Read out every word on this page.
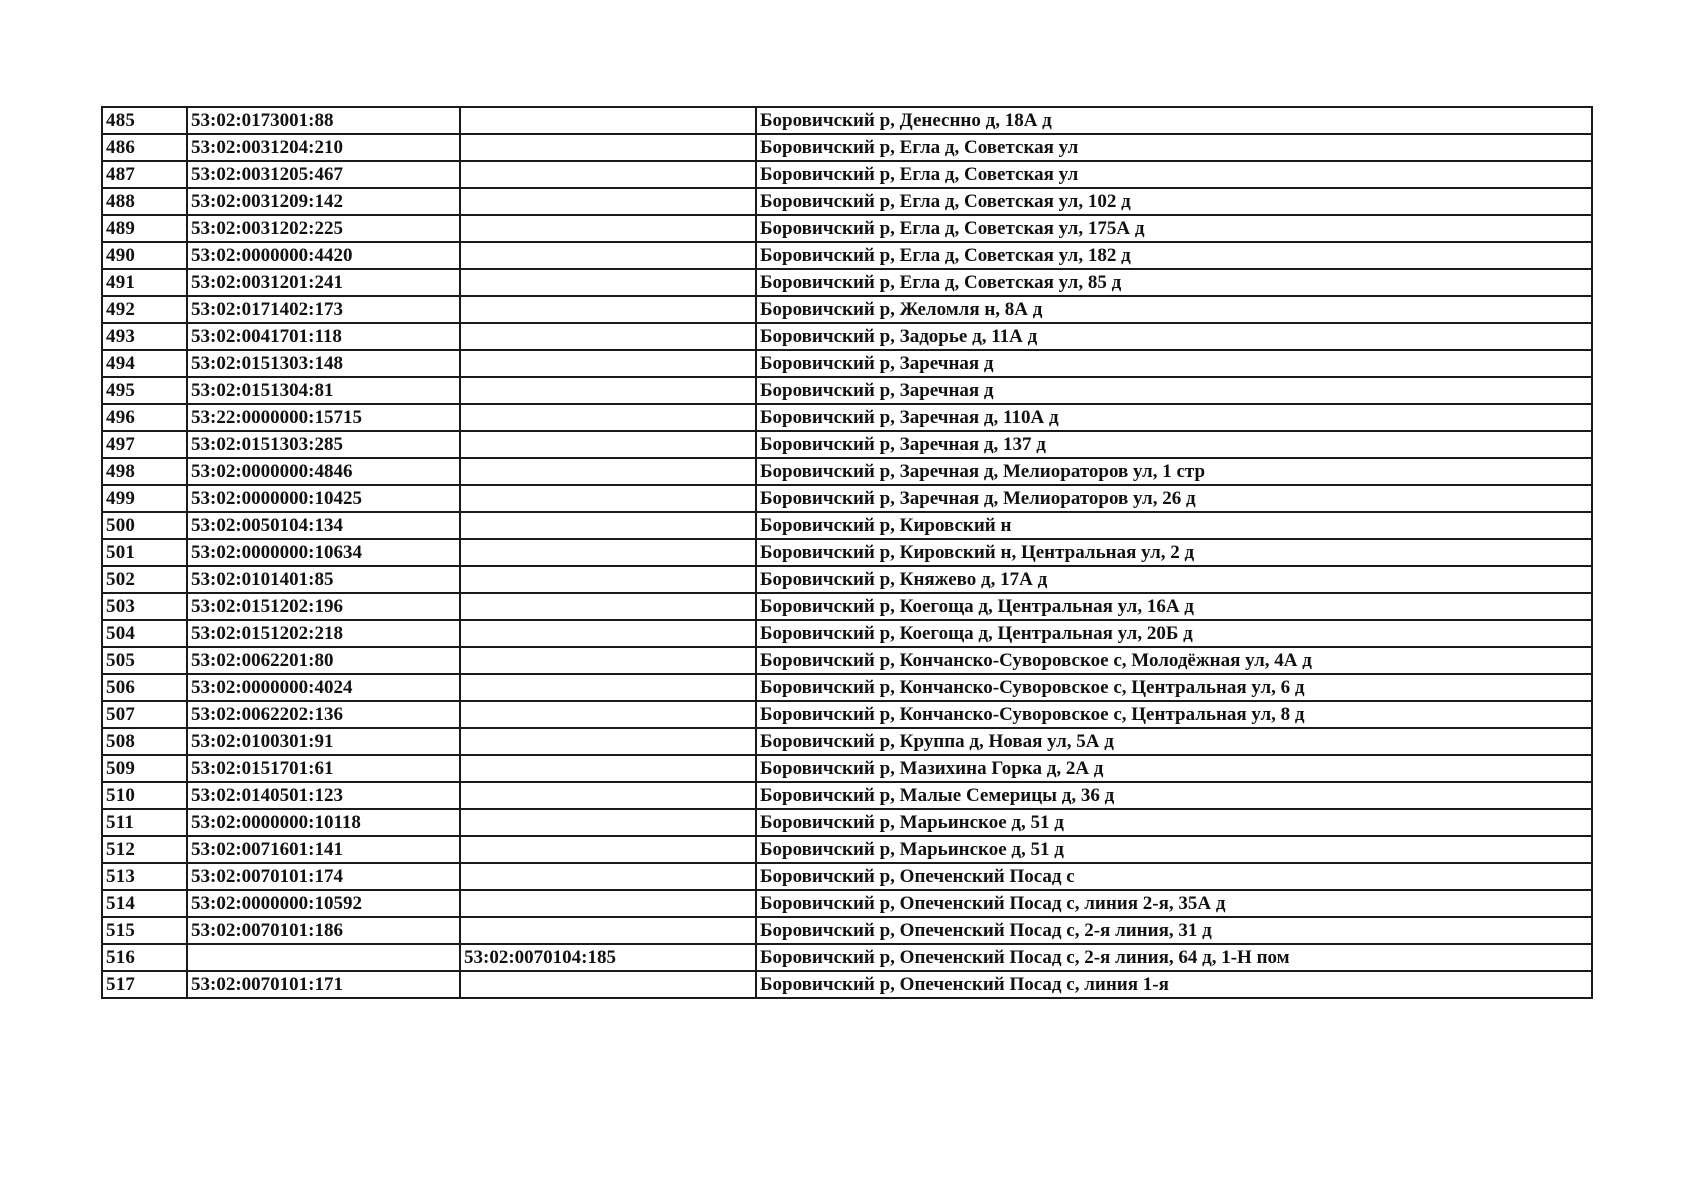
485	53:02:0173001:88		Боровичский р, Денеснно д, 18А д
486	53:02:0031204:210		Боровичский р, Егла д, Советская ул
487	53:02:0031205:467		Боровичский р, Егла д, Советская ул
488	53:02:0031209:142		Боровичский р, Егла д, Советская ул, 102 д
489	53:02:0031202:225		Боровичский р, Егла д, Советская ул, 175А д
490	53:02:0000000:4420		Боровичский р, Егла д, Советская ул, 182 д
491	53:02:0031201:241		Боровичский р, Егла д, Советская ул, 85 д
492	53:02:0171402:173		Боровичский р, Желомля н, 8А д
493	53:02:0041701:118		Боровичский р, Задорье д, 11А д
494	53:02:0151303:148		Боровичский р, Заречная д
495	53:02:0151304:81		Боровичский р, Заречная д
496	53:22:0000000:15715		Боровичский р, Заречная д, 110А д
497	53:02:0151303:285		Боровичский р, Заречная д, 137 д
498	53:02:0000000:4846		Боровичский р, Заречная д, Мелиораторов ул, 1 стр
499	53:02:0000000:10425		Боровичский р, Заречная д, Мелиораторов ул, 26 д
500	53:02:0050104:134		Боровичский р, Кировский н
501	53:02:0000000:10634		Боровичский р, Кировский н, Центральная ул, 2 д
502	53:02:0101401:85		Боровичский р, Княжево д, 17А д
503	53:02:0151202:196		Боровичский р, Коегоща д, Центральная ул, 16А д
504	53:02:0151202:218		Боровичский р, Коегоща д, Центральная ул, 20Б д
505	53:02:0062201:80		Боровичский р, Кончанско-Суворовское с, Молодёжная ул, 4А д
506	53:02:0000000:4024		Боровичский р, Кончанско-Суворовское с, Центральная ул, 6 д
507	53:02:0062202:136		Боровичский р, Кончанско-Суворовское с, Центральная ул, 8 д
508	53:02:0100301:91		Боровичский р, Круппа д, Новая ул, 5А д
509	53:02:0151701:61		Боровичский р, Мазихина Горка д, 2А д
510	53:02:0140501:123		Боровичский р, Малые Семерицы д, 36 д
511	53:02:0000000:10118		Боровичский р, Марьинское д, 51 д
512	53:02:0071601:141		Боровичский р, Марьинское д, 51 д
513	53:02:0070101:174		Боровичский р, Опеченский Посад с
514	53:02:0000000:10592		Боровичский р, Опеченский Посад с, линия 2-я, 35А д
515	53:02:0070101:186		Боровичский р, Опеченский Посад с, 2-я линия, 31 д
516		53:02:0070104:185	Боровичский р, Опеченский Посад с, 2-я линия, 64 д, 1-Н пом
517	53:02:0070101:171		Боровичский р, Опеченский Посад с, линия 1-я
